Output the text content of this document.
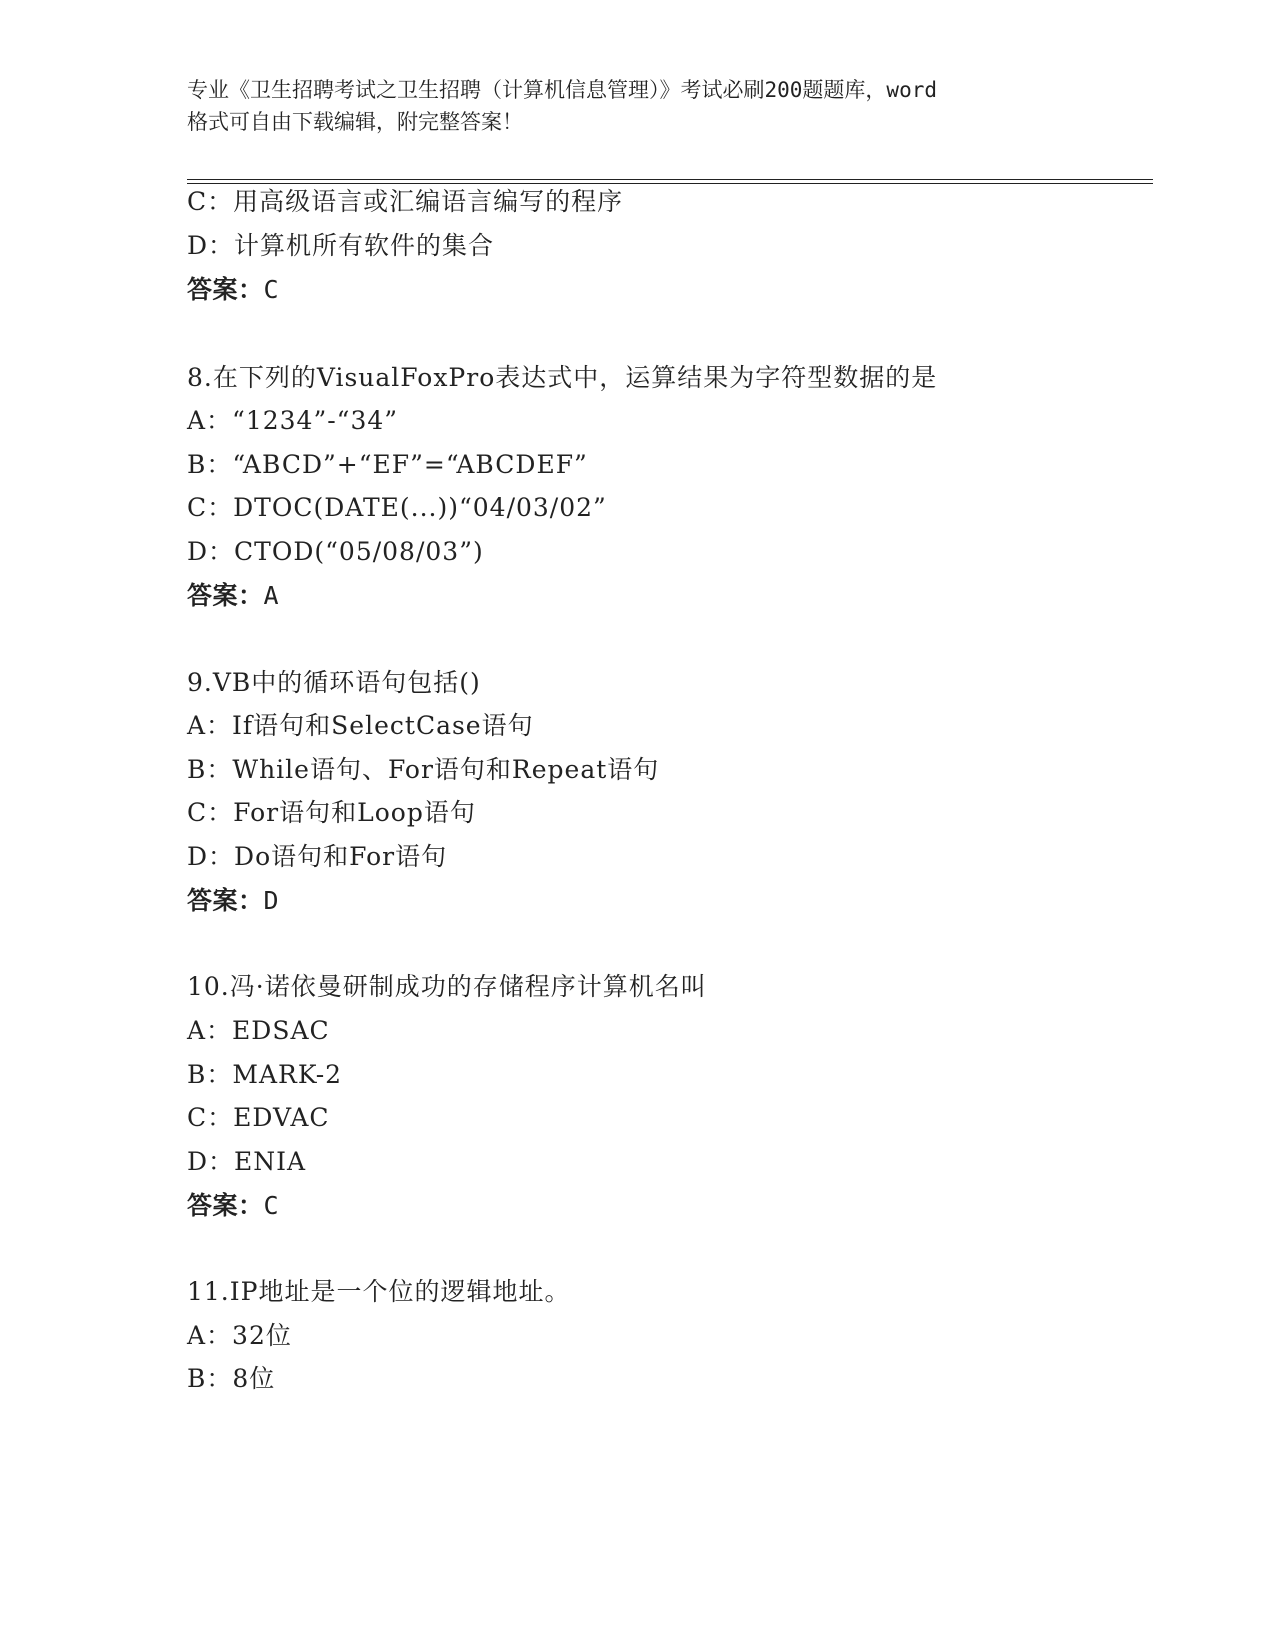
专业《卫生招聘考试之卫生招聘（计算机信息管理）》考试必刷200题题库，word
格式可自由下载编辑，附完整答案！
C：用高级语言或汇编语言编写的程序
D：计算机所有软件的集合
答案：C
8.在下列的VisualFoxPro表达式中，运算结果为字符型数据的是
A：“1234”-“34”
B：“ABCD”+“EF”=“ABCDEF”
C：DTOC(DATE(...))“04/03/02”
D：CTOD(“05/08/03”)
答案：A
9.VB中的循环语句包括()
A：If语句和SelectCase语句
B：While语句、For语句和Repeat语句
C：For语句和Loop语句
D：Do语句和For语句
答案：D
10.冯·诺依曼研制成功的存储程序计算机名叫
A：EDSAC
B：MARK-2
C：EDVAC
D：ENIA
答案：C
11.IP地址是一个位的逻辑地址。
A：32位
B：8位
